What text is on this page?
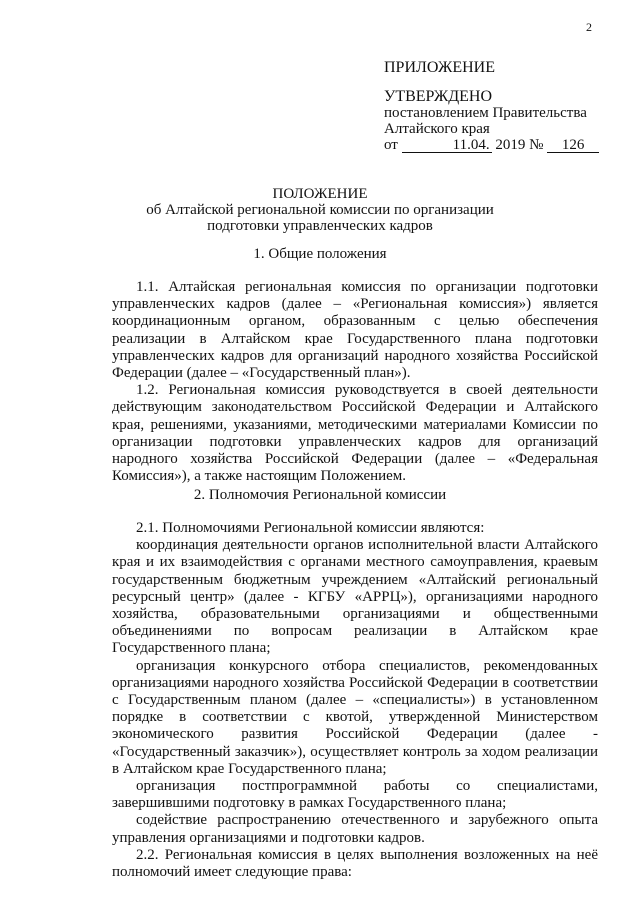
2
ПРИЛОЖЕНИЕ
УТВЕРЖДЕНО
постановлением Правительства
Алтайского края
от	11.04. 2019 № 126
ПОЛОЖЕНИЕ
об Алтайской региональной комиссии по организации
подготовки управленческих кадров
1. Общие положения

1.1. Алтайская региональная комиссия по организации подготовки управленческих кадров (далее – «Региональная комиссия») является координационным органом, образованным с целью обеспечения реализации в Алтайском крае Государственного плана подготовки управленческих кадров для организаций народного хозяйства Российской Федерации (далее – «Государственный план»).

1.2. Региональная комиссия руководствуется в своей деятельности действующим законодательством Российской Федерации и Алтайского края, решениями, указаниями, методическими материалами Комиссии по организации подготовки управленческих кадров для организаций народного хозяйства Российской Федерации (далее – «Федеральная Комиссия»), а также настоящим Положением.

2. Полномочия Региональной комиссии

2.1. Полномочиями Региональной комиссии являются:

координация деятельности органов исполнительной власти Алтайского края и их взаимодействия с органами местного самоуправления, краевым государственным бюджетным учреждением «Алтайский региональный ресурсный центр» (далее - КГБУ «АРРЦ»), организациями народного хозяйства, образовательными организациями и общественными объединениями по вопросам реализации в Алтайском крае Государственного плана;

организация конкурсного отбора специалистов, рекомендованных организациями народного хозяйства Российской Федерации в соответствии с Государственным планом (далее – «специалисты») в установленном порядке в соответствии с квотой, утвержденной Министерством экономического развития Российской Федерации (далее - «Государственный заказчик»), осуществляет контроль за ходом реализации в Алтайском крае Государственного плана;

организация постпрограммной работы со специалистами, завершившими подготовку в рамках Государственного плана;

содействие распространению отечественного и зарубежного опыта управления организациями и подготовки кадров.

2.2. Региональная комиссия в целях выполнения возложенных на неё полномочий имеет следующие права:
